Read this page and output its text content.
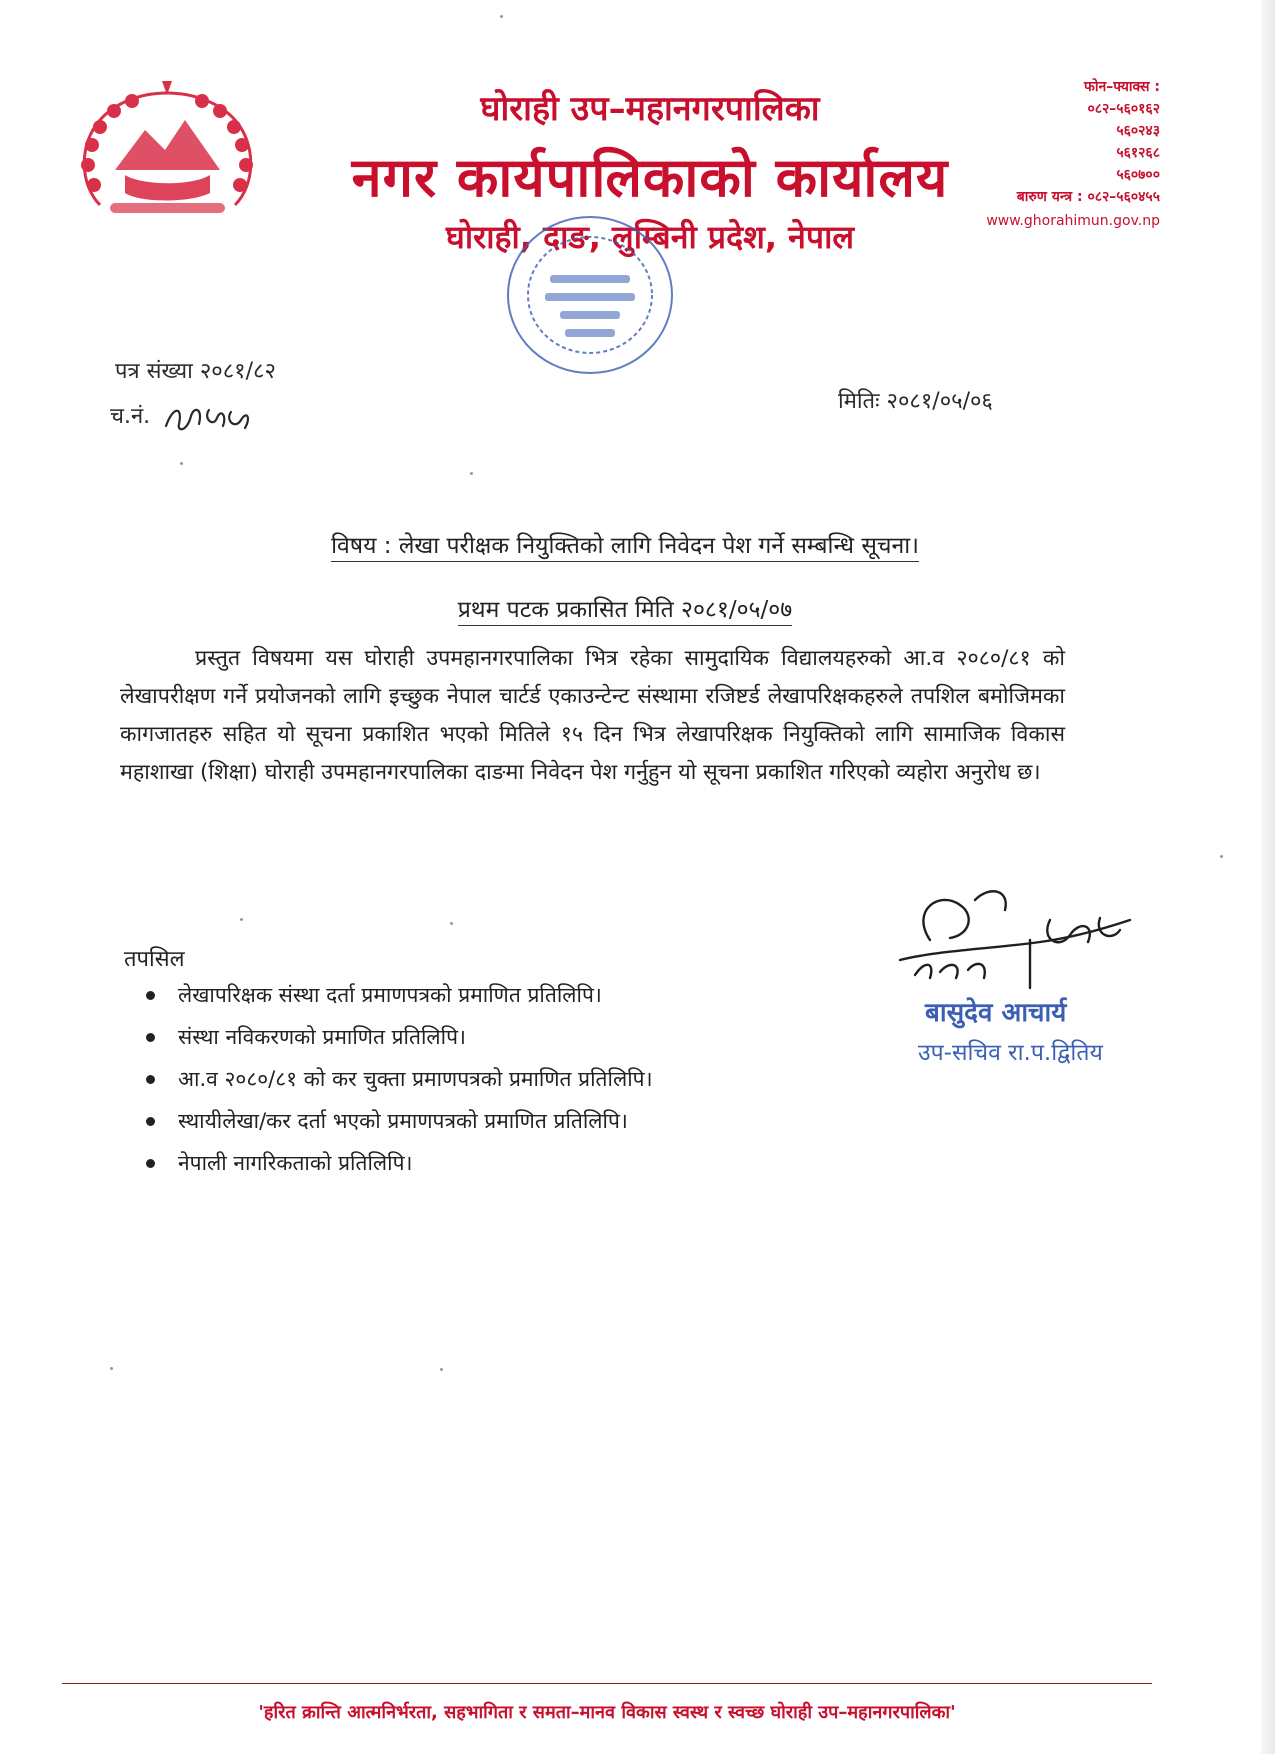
घोराही उप–महानगरपालिका
नगर कार्यपालिकाको कार्यालय
घोराही, दाङ, लुम्बिनी प्रदेश, नेपाल
फोन–फ्याक्स :
०८२–५६०१६२
५६०२४३
५६१२६८
५६०७००
बारुण यन्त्र : ०८२–५६०४५५
www.ghorahimun.gov.np
पत्र संख्या २०८१/८२
च.नं.
मितिः २०८१/०५/०६
विषय : लेखा परीक्षक नियुक्तिको लागि निवेदन पेश गर्ने सम्बन्धि सूचना।
प्रथम पटक प्रकासित मिति २०८१/०५/०७
प्रस्तुत विषयमा यस घोराही उपमहानगरपालिका भित्र रहेका सामुदायिक विद्यालयहरुको आ.व २०८०/८१ को लेखापरीक्षण गर्ने प्रयोजनको लागि इच्छुक नेपाल चार्टर्ड एकाउन्टेन्ट संस्थामा रजिष्टर्ड लेखापरिक्षकहरुले तपशिल बमोजिमका कागजातहरु सहित यो सूचना प्रकाशित भएको मितिले १५ दिन भित्र लेखापरिक्षक नियुक्तिको लागि सामाजिक विकास महाशाखा (शिक्षा) घोराही उपमहानगरपालिका दाङमा निवेदन पेश गर्नुहुन यो सूचना प्रकाशित गरिएको व्यहोरा अनुरोध छ।
तपसिल
लेखापरिक्षक संस्था दर्ता प्रमाणपत्रको प्रमाणित प्रतिलिपि।
संस्था नविकरणको प्रमाणित प्रतिलिपि।
आ.व २०८०/८१ को कर चुक्ता प्रमाणपत्रको प्रमाणित प्रतिलिपि।
स्थायीलेखा/कर दर्ता भएको प्रमाणपत्रको प्रमाणित प्रतिलिपि।
नेपाली नागरिकताको प्रतिलिपि।
बासुदेव आचार्य
उप-सचिव रा.प.द्वितिय
'हरित क्रान्ति आत्मनिर्भरता, सहभागिता र समता–मानव विकास स्वस्थ र स्वच्छ घोराही उप–महानगरपालिका'
